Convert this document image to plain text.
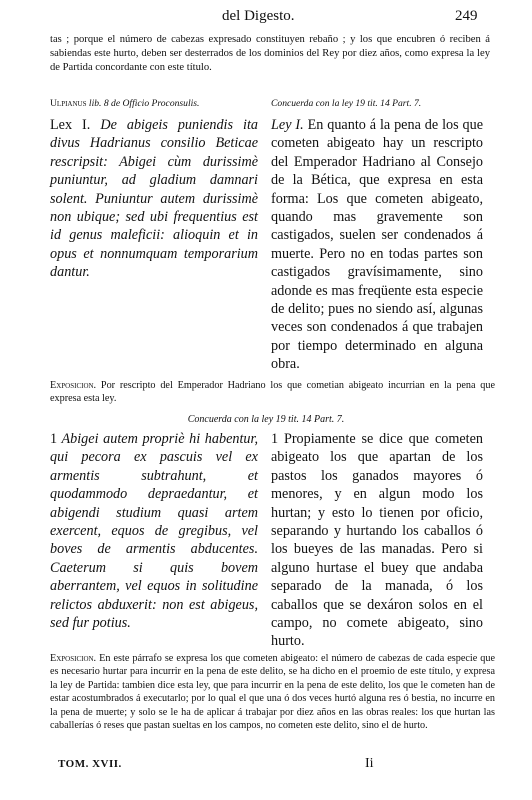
del Digesto.	249
tas ; porque el número de cabezas expresado constituyen rebaño ; y los que encubren ó reciben á sabiendas este hurto, deben ser desterrados de los dominios del Rey por diez años, como expresa la ley de Partida concordante con este título.
Ulpianus lib. 8 de Officio Proconsulis.	Concuerda con la ley 19 tit. 14 Part. 7.
Lex I. De abigeis puniendis ita divus Hadrianus consilio Beticae rescripsit: Abigei cùm durissimè puniuntur, ad gladium damnari solent. Puniuntur autem durissimè non ubique; sed ubi frequentius est id genus maleficii: alioquin et in opus et nonnumquam temporarium dantur.
Ley I. En quanto á la pena de los que cometen abigeato hay un rescripto del Emperador Hadriano al Consejo de la Bética, que expresa en esta forma: Los que cometen abigeato, quando mas gravemente son castigados, suelen ser condenados á muerte. Pero no en todas partes son castigados gravísimamente, sino adonde es mas freqüente esta especie de delito; pues no siendo así, algunas veces son condenados á que trabajen por tiempo determinado en alguna obra.
Exposicion. Por rescripto del Emperador Hadriano los que cometian abigeato incurrian en la pena que expresa esta ley.
Concuerda con la ley 19 tit. 14 Part. 7.
1 Abigei autem propriè hi habentur, qui pecora ex pascuis vel ex armentis subtrahunt, et quodammodo depraedantur, et abigendi studium quasi artem exercent, equos de gregibus, vel boves de armentis abducentes. Caeterum si quis bovem aberrantem, vel equos in solitudine relictos abduxerit: non est abigeus, sed fur potius.
1 Propiamente se dice que cometen abigeato los que apartan de los pastos los ganados mayores ó menores, y en algun modo los hurtan; y esto lo tienen por oficio, separando y hurtando los caballos ó los bueyes de las manadas. Pero si alguno hurtase el buey que andaba separado de la manada, ó los caballos que se dexáron solos en el campo, no comete abigeato, sino hurto.
Exposicion. En este párrafo se expresa los que cometen abigeato: el número de cabezas de cada especie que es necesario hurtar para incurrir en la pena de este delito, se ha dicho en el proemio de este título, y expresa la ley de Partida: tambien dice esta ley, que para incurrir en la pena de este delito, los que le cometen han de estar acostumbrados á executarlo; por lo qual el que una ó dos veces hurtó alguna res ó bestia, no incurre en la pena de muerte; y solo se le ha de aplicar á trabajar por diez años en las obras reales: los que hurtan las caballerías ó reses que pastan sueltas en los campos, no cometen este delito, sino el de hurto.
TOM. XVII.	Ii
